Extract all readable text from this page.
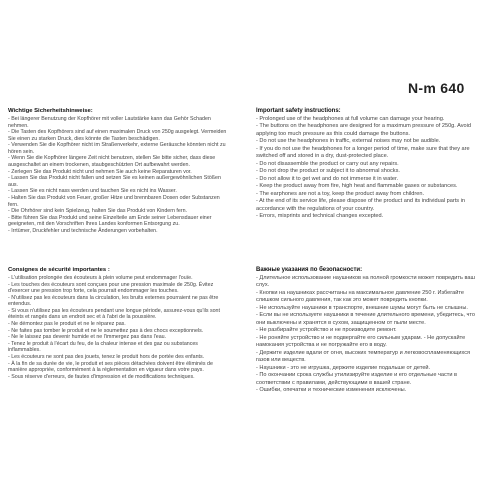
N-m 640
Wichtige Sicherheitshinweise:

- Bei längerer Benutzung der Kopfhörer mit voller Lautstärke kann das Gehör Schaden nehmen.

- Die Tasten des Kopfhörers sind auf einen maximalen Druck von 250g ausgelegt. Vermeiden Sie einen zu starken Druck, dies könnte die Tasten beschädigen.

- Verwenden Sie die Kopfhörer nicht im Straßenverkehr, externe Geräusche könnten nicht zu hören sein.

- Wenn Sie die Kopfhörer längere Zeit nicht benutzen, stellen Sie bitte sicher, dass diese ausgeschaltet an einem trockenen, staubgeschützten Ort aufbewahrt werden.

- Zerlegen Sie das Produkt nicht und nehmen Sie auch keine Reparaturen vor.

- Lassen Sie das Produkt nicht fallen und setzen Sie es keinen außergewöhnlichen Stößen aus.

- Lassen Sie es nicht nass werden und tauchen Sie es nicht ins Wasser.

- Halten Sie das Produkt von Feuer, großer Hitze und brennbaren Dosen oder Substanzen fern.

- Die Ohrhörer sind kein Spielzeug, halten Sie das Produkt von Kindern fern.

- Bitte führen Sie das Produkt und seine Einzelteile am Ende seiner Lebensdauer einer geeigneten, mit den Vorschriften Ihres Landes konformen Entsorgung zu.

- Irrtümer, Druckfehler und technische Änderungen vorbehalten.

Important safety instructions:

- Prolonged use of the headphones at full volume can damage your hearing.

- The buttons on the headphones are designed for a maximum pressure of 250g. Avoid applying too much pressure as this could damage the buttons.

- Do not use the headphones in traffic, external noises may not be audible.

- If you do not use the headphones for a longer period of time, make sure that they are switched off and stored in a dry, dust-protected place.

- Do not disassemble the product or carry out any repairs.

- Do not drop the product or subject it to abnormal shocks.

- Do not allow it to get wet and do not immerse it in water.

- Keep the product away from fire, high heat and flammable gases or substances.

- The earphones are not a toy, keep the product away from children.

- At the end of its service life, please dispose of the product and its individual parts in accordance with the regulations of your country.

- Errors, misprints and technical changes excepted.

Consignes de sécurité importantes :

- L'utilisation prolongée des écouteurs à plein volume peut endommager l'ouïe.

- Les touches des écouteurs sont conçues pour une pression maximale de 250g. Évitez d'exercer une pression trop forte, cela pourrait endommager les touches.

- N'utilisez pas les écouteurs dans la circulation, les bruits externes pourraient ne pas être entendus.

- Si vous n'utilisez pas les écouteurs pendant une longue période, assurez-vous qu'ils sont éteints et rangés dans un endroit sec et à l'abri de la poussière.

- Ne démontez pas le produit et ne le réparez pas.

- Ne faites pas tomber le produit et ne le soumettez pas à des chocs exceptionnels.

- Ne le laissez pas devenir humide et ne l'immergez pas dans l'eau.

- Tenez le produit à l'écart du feu, de la chaleur intense et des gaz ou substances inflammables.

- Les écouteurs ne sont pas des jouets, tenez le produit hors de portée des enfants.

- À la fin de sa durée de vie, le produit et ses pièces détachées doivent être éliminés de manière appropriée, conformément à la réglementation en vigueur dans votre pays.

- Sous réserve d'erreurs, de fautes d'impression et de modifications techniques.

Важные указания по безопасности:

- Длительное использование наушников на полной громкости может повредить ваш слух.

- Кнопки на наушниках рассчитаны на максимальное давление 250 г. Избегайте слишком сильного давления, так как это может повредить кнопки.

- Не используйте наушники в транспорте, внешние шумы могут быть не слышны.

- Если вы не используете наушники в течение длительного времени, убедитесь, что они выключены и хранятся в сухом, защищенном от пыли месте.

- Не разбирайте устройство и не производите ремонт.

- Не роняйте устройство и не подвергайте его сильным ударам. - Не допускайте намокания устройства и не погружайте его в воду.

- Держите изделие вдали от огня, высоких температур и легковоспламеняющихся газов или веществ.

- Наушники - это не игрушка, держите изделие подальше от детей.

- По окончании срока службы утилизируйте изделие и его отдельные части в соответствии с правилами, действующими в вашей стране.

- Ошибки, опечатки и технические изменения исключены.
